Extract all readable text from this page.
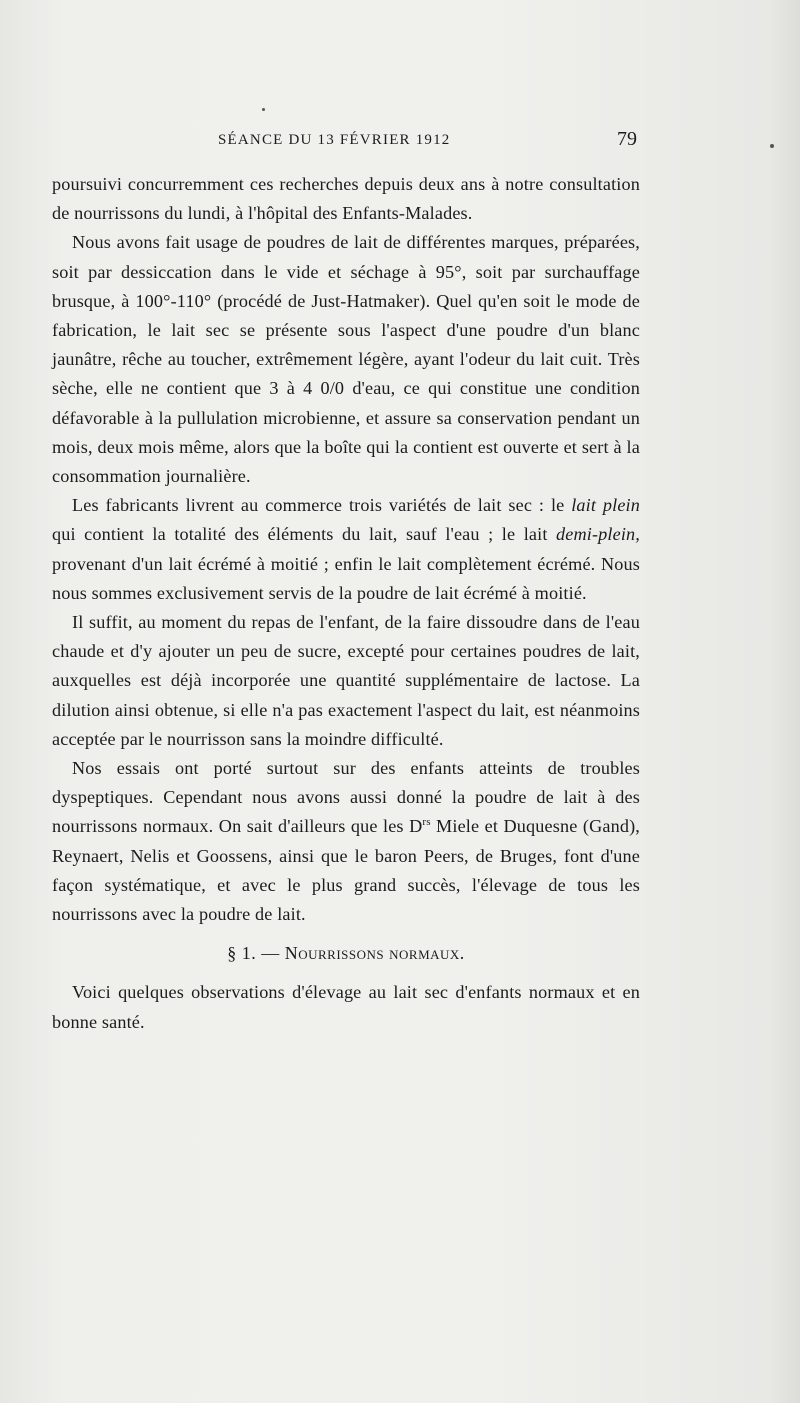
SÉANCE DU 13 FÉVRIER 1912	79

poursuivi concurremment ces recherches depuis deux ans à notre consultation de nourrissons du lundi, à l'hôpital des Enfants-Malades.

Nous avons fait usage de poudres de lait de différentes marques, préparées, soit par dessiccation dans le vide et séchage à 95°, soit par surchauffage brusque, à 100°-110° (procédé de Just-Hatmaker). Quel qu'en soit le mode de fabrication, le lait sec se présente sous l'aspect d'une poudre d'un blanc jaunâtre, rêche au toucher, extrêmement légère, ayant l'odeur du lait cuit. Très sèche, elle ne contient que 3 à 4 0/0 d'eau, ce qui constitue une condition défavorable à la pullulation microbienne, et assure sa conservation pendant un mois, deux mois même, alors que la boîte qui la contient est ouverte et sert à la consommation journalière.

Les fabricants livrent au commerce trois variétés de lait sec : le lait plein qui contient la totalité des éléments du lait, sauf l'eau ; le lait demi-plein, provenant d'un lait écrémé à moitié ; enfin le lait complètement écrémé. Nous nous sommes exclusivement servis de la poudre de lait écrémé à moitié.

Il suffit, au moment du repas de l'enfant, de la faire dissoudre dans de l'eau chaude et d'y ajouter un peu de sucre, excepté pour certaines poudres de lait, auxquelles est déjà incorporée une quantité supplémentaire de lactose. La dilution ainsi obtenue, si elle n'a pas exactement l'aspect du lait, est néanmoins acceptée par le nourrisson sans la moindre difficulté.

Nos essais ont porté surtout sur des enfants atteints de troubles dyspeptiques. Cependant nous avons aussi donné la poudre de lait à des nourrissons normaux. On sait d'ailleurs que les $D^{rs}$ Miele et Duquesne (Gand), Reynaert, Nelis et Goossens, ainsi que le baron Peers, de Bruges, font d'une façon systématique, et avec le plus grand succès, l'élevage de tous les nourrissons avec la poudre de lait.

§ 1. — Nourrissons normaux.

Voici quelques observations d'élevage au lait sec d'enfants normaux et en bonne santé.
